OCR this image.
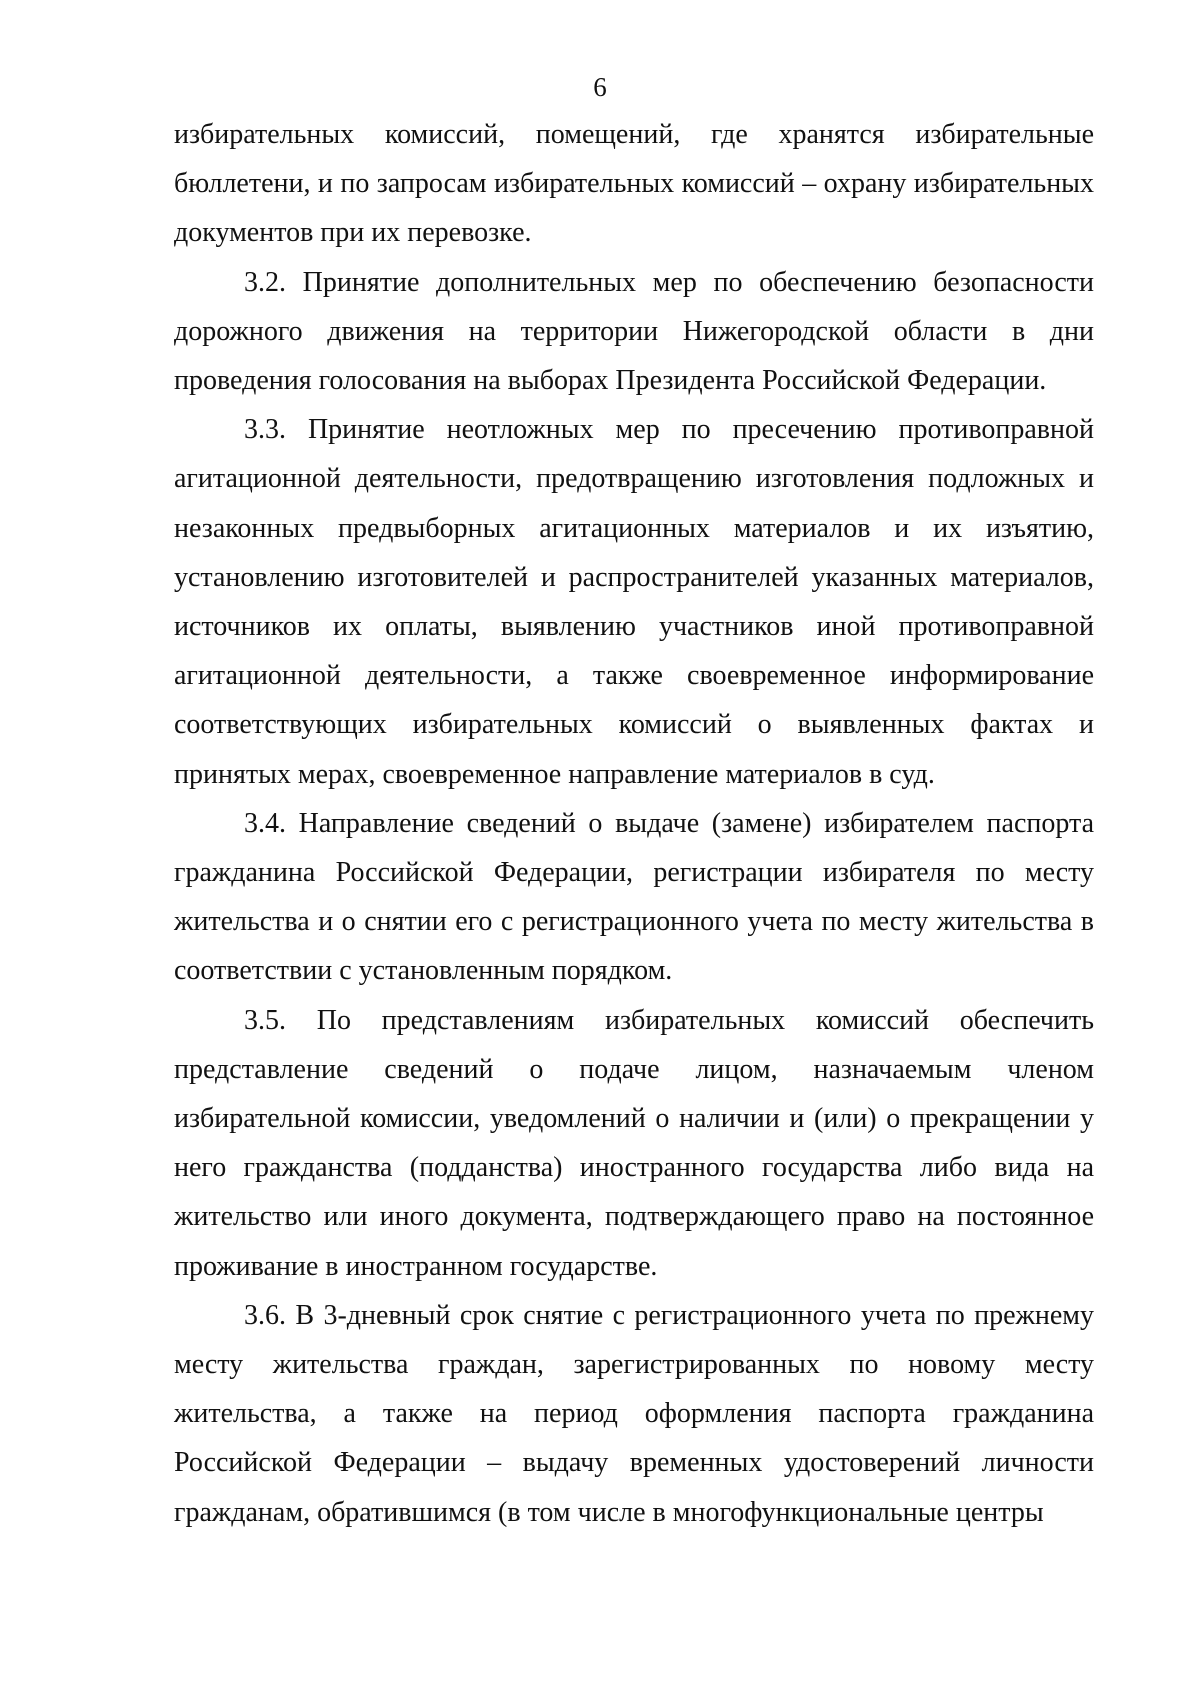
6

избирательных комиссий, помещений, где хранятся избирательные бюллетени, и по запросам избирательных комиссий – охрану избирательных документов при их перевозке.

3.2. Принятие дополнительных мер по обеспечению безопасности дорожного движения на территории Нижегородской области в дни проведения голосования на выборах Президента Российской Федерации.

3.3. Принятие неотложных мер по пресечению противоправной агитационной деятельности, предотвращению изготовления подложных и незаконных предвыборных агитационных материалов и их изъятию, установлению изготовителей и распространителей указанных материалов, источников их оплаты, выявлению участников иной противоправной агитационной деятельности, а также своевременное информирование соответствующих избирательных комиссий о выявленных фактах и принятых мерах, своевременное направление материалов в суд.

3.4. Направление сведений о выдаче (замене) избирателем паспорта гражданина Российской Федерации, регистрации избирателя по месту жительства и о снятии его с регистрационного учета по месту жительства в соответствии с установленным порядком.

3.5. По представлениям избирательных комиссий обеспечить представление сведений о подаче лицом, назначаемым членом избирательной комиссии, уведомлений о наличии и (или) о прекращении у него гражданства (подданства) иностранного государства либо вида на жительство или иного документа, подтверждающего право на постоянное проживание в иностранном государстве.

3.6. В 3-дневный срок снятие с регистрационного учета по прежнему месту жительства граждан, зарегистрированных по новому месту жительства, а также на период оформления паспорта гражданина Российской Федерации – выдачу временных удостоверений личности гражданам, обратившимся (в том числе в многофункциональные центры
